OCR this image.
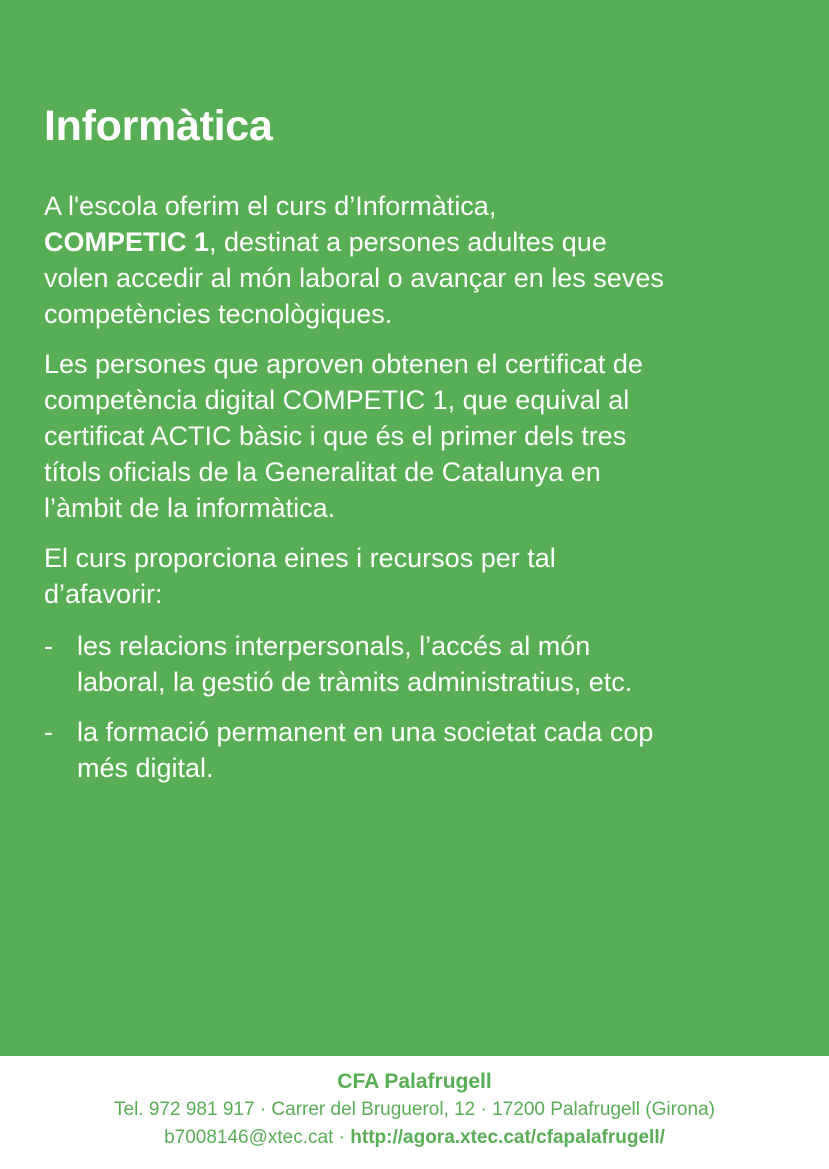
Informàtica

A l'escola oferim el curs d’Informàtica,
COMPETIC 1, destinat a persones adultes que
volen accedir al món laboral o avançar en les seves
competències tecnològiques.

Les persones que aproven obtenen el certificat de
competència digital COMPETIC 1, que equival al
certificat ACTIC bàsic i que és el primer dels tres
títols oficials de la Generalitat de Catalunya en
l’àmbit de la informàtica.

El curs proporciona eines i recursos per tal
d’afavorir:

- les relacions interpersonals, l’accés al món
laboral, la gestió de tràmits administratius, etc.
- la formació permanent en una societat cada cop
més digital.
CFA Palafrugell
Tel. 972 981 917 · Carrer del Bruguerol, 12 · 17200 Palafrugell (Girona)
b7008146@xtec.cat · http://agora.xtec.cat/cfapalafrugell/
